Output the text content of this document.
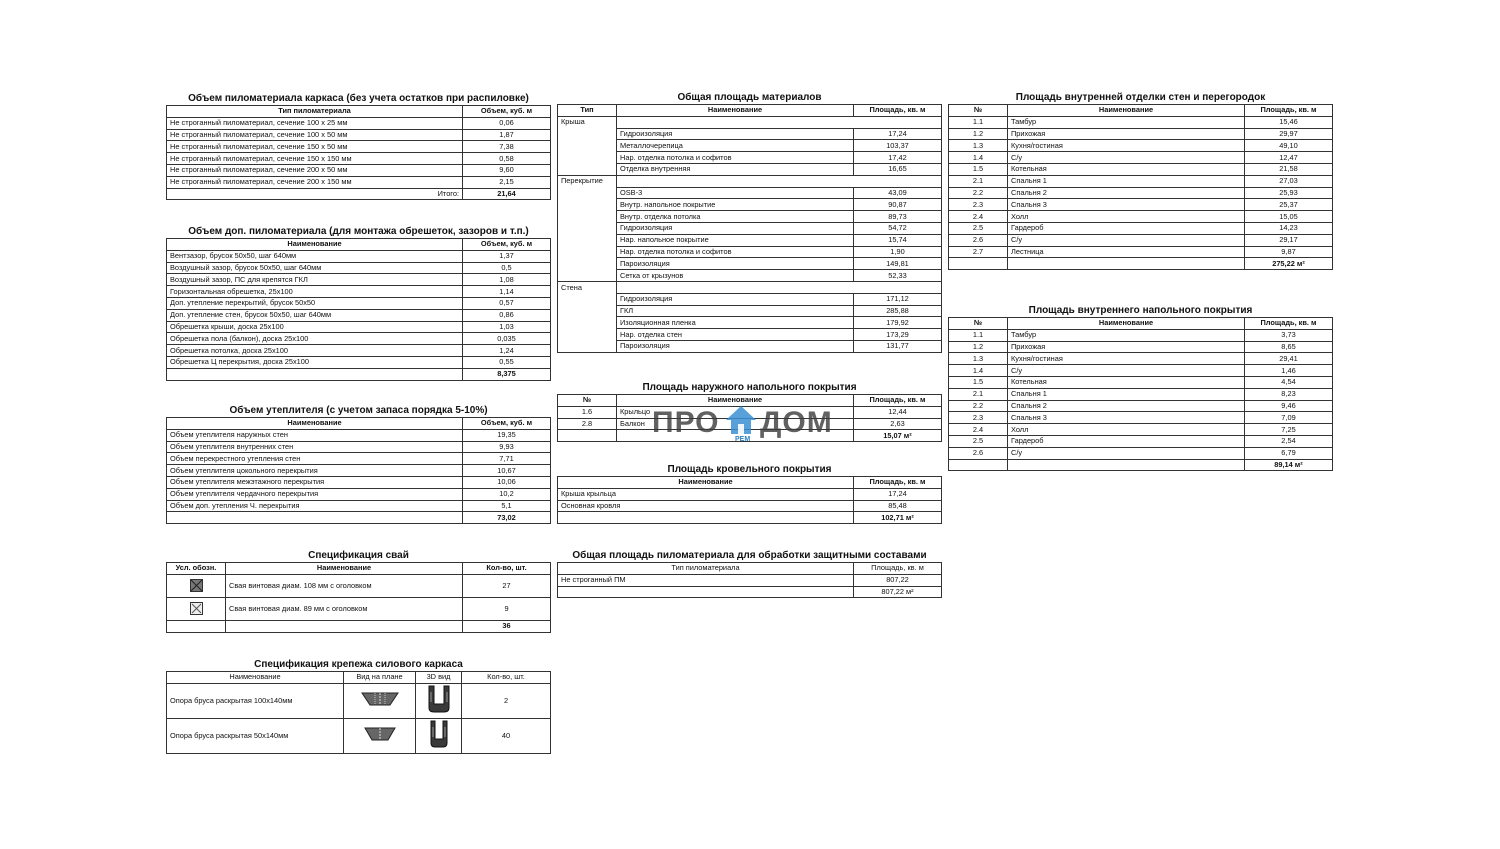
Объем пиломатериала каркаса (без учета остатков при распиловке)
Тип пиломатериала	Объем, куб. м
Не строганный пиломатериал, сечение 100 х 25 мм	0,06
Не строганный пиломатериал, сечение 100 х 50 мм	1,87
Не строганный пиломатериал, сечение 150 х 50 мм	7,38
Не строганный пиломатериал, сечение 150 х 150 мм	0,58
Не строганный пиломатериал, сечение 200 х 50 мм	9,60
Не строганный пиломатериал, сечение 200 х 150 мм	2,15
Итого:	21,64
Объем доп. пиломатериала (для монтажа обрешеток, зазоров и т.п.)
Наименование	Объем, куб. м
Вентзазор, брусок 50х50, шаг 640мм	1,37
Воздушный зазор, брусок 50х50, шаг 640мм	0,5
Воздушный зазор, ПС для крепятся ГКЛ	1,08
Горизонтальная обрешетка, 25х100	1,14
Доп. утепление перекрытий, брусок 50х50	0,57
Доп. утепление стен, брусок 50х50, шаг 640мм	0,86
Обрешетка крыши, доска 25х100	1,03
Обрешетка пола (балкон), доска 25х100	0,035
Обрешетка потолка, доска 25х100	1,24
Обрешетка Ц перекрытия, доска 25х100	0,55
	8,375
Объем утеплителя (с учетом запаса порядка 5-10%)
Наименование	Объем, куб. м
Объем утеплителя наружных стен	19,35
Объем утеплителя внутренних стен	9,93
Объем перекрестного утепления стен	7,71
Объем утеплителя цокольного перекрытия	10,67
Объем утеплителя межэтажного перекрытия	10,06
Объем утеплителя чердачного перекрытия	10,2
Объем доп. утепления Ч. перекрытия	5,1
	73,02
Спецификация свай
Усл. обозн.	Наименование	Кол-во, шт.

	Свая винтовая диам. 108 мм с оголовком	27

	Свая винтовая диам. 89 мм с оголовком	9
		36
Спецификация крепежа силового каркаса
Наименование	Вид на плане	3D вид	Кол-во, шт.
Опора бруса раскрытая 100х140мм			2
Опора бруса раскрытая 50х140мм			40
Общая площадь материалов
Тип	Наименование	Площадь, кв. м
Крыша		
	Гидроизоляция	17,24
	Металлочерепица	103,37
	Нар. отделка потолка и софитов	17,42
	Отделка внутренняя	16,65
Перекрытие		
	OSB-3	43,09
	Внутр. напольное покрытие	90,87
	Внутр. отделка потолка	89,73
	Гидроизоляция	54,72
	Нар. напольное покрытие	15,74
	Нар. отделка потолка и софитов	1,90
	Пароизоляция	149,81
	Сетка от крызунов	52,33
Стена		
	Гидроизоляция	171,12
	ГКЛ	285,88
	Изоляционная пленка	179,92
	Нар. отделка стен	173,29
	Пароизоляция	131,77
Площадь наружного напольного покрытия
№	Наименование	Площадь, кв. м
1.6	Крыльцо	12,44
2.8	Балкон	2,63
		15,07 м²
Площадь кровельного покрытия
Наименование	Площадь, кв. м
Крыша крыльца	17,24
Основная кровля	85,48
	102,71 м²
Общая площадь пиломатериала для обработки защитными составами
Тип пиломатериала	Площадь, кв. м
Не строганный ПМ	807,22
	807,22 м²
Площадь внутренней отделки стен и перегородок
№	Наименование	Площадь, кв. м
1.1	Тамбур	15,46
1.2	Прихожая	29,97
1.3	Кухня/гостиная	49,10
1.4	С/у	12,47
1.5	Котельная	21,58
2.1	Спальня 1	27,03
2.2	Спальня 2	25,93
2.3	Спальня 3	25,37
2.4	Холл	15,05
2.5	Гардероб	14,23
2.6	С/у	29,17
2.7	Лестница	9,87
		275,22 м²
Площадь внутреннего напольного покрытия
№	Наименование	Площадь, кв. м
1.1	Тамбур	3,73
1.2	Прихожая	8,65
1.3	Кухня/гостиная	29,41
1.4	С/у	1,46
1.5	Котельная	4,54
2.1	Спальня 1	8,23
2.2	Спальня 2	9,46
2.3	Спальня 3	7,09
2.4	Холл	7,25
2.5	Гардероб	2,54
2.6	С/у	6,79
		89,14 м²
ПРО ДОМ
РЕМ
